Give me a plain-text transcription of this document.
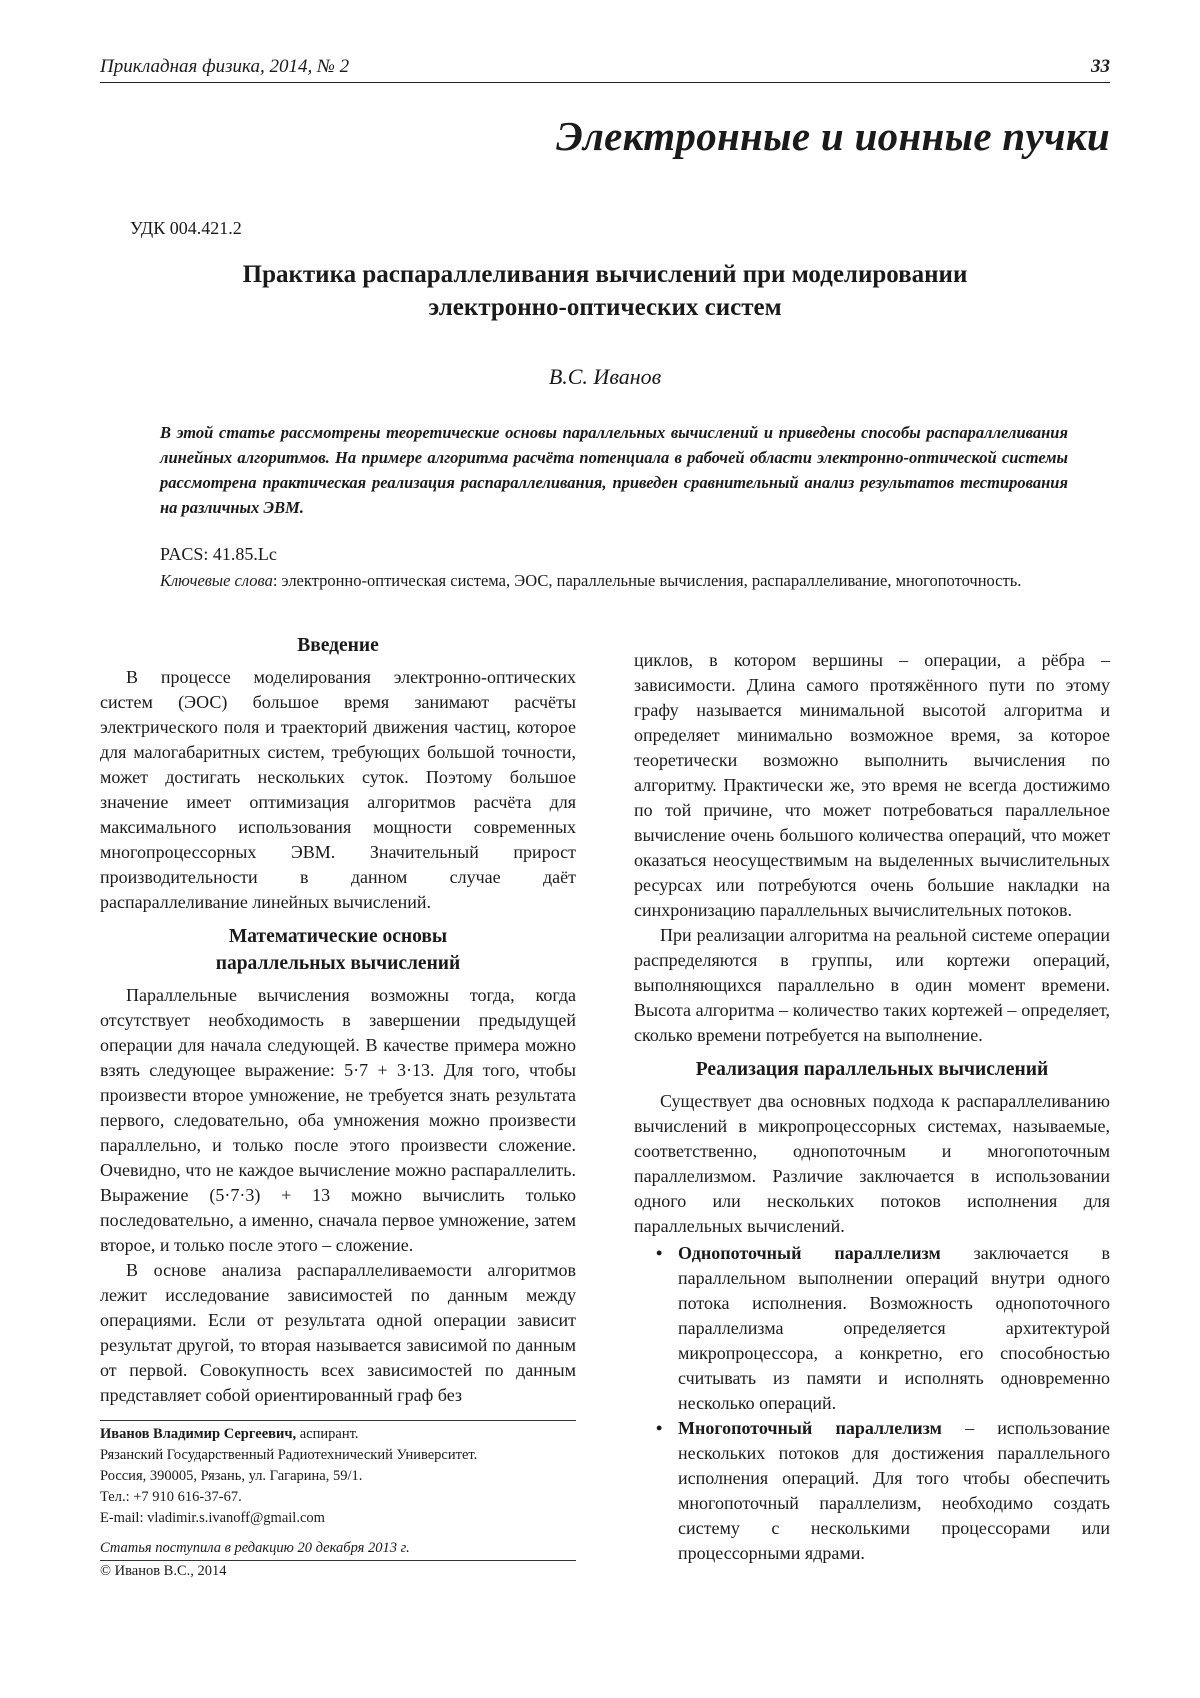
Прикладная физика, 2014, № 2	33
Электронные и ионные пучки
УДК 004.421.2
Практика распараллеливания вычислений при моделировании
электронно-оптических систем
В.С. Иванов
В этой статье рассмотрены теоретические основы параллельных вычислений и приведены способы распараллеливания линейных алгоритмов. На примере алгоритма расчёта потенциала в рабочей области электронно-оптической системы рассмотрена практическая реализация распараллеливания, приведен сравнительный анализ результатов тестирования на различных ЭВМ.
PACS: 41.85.Lc
Ключевые слова: электронно-оптическая система, ЭОС, параллельные вычисления, распараллеливание, многопоточность.
Введение

В процессе моделирования электронно-оптических систем (ЭОС) большое время занимают расчёты электрического поля и траекторий движения частиц, которое для малогабаритных систем, требующих большой точности, может достигать нескольких суток. Поэтому большое значение имеет оптимизация алгоритмов расчёта для максимального использования мощности современных многопроцессорных ЭВМ. Значительный прирост производительности в данном случае даёт распараллеливание линейных вычислений.

Математические основы
параллельных вычислений

Параллельные вычисления возможны тогда, когда отсутствует необходимость в завершении предыдущей операции для начала следующей. В качестве примера можно взять следующее выражение: 5·7 + 3·13. Для того, чтобы произвести второе умножение, не требуется знать результата первого, следовательно, оба умножения можно произвести параллельно, и только после этого произвести сложение. Очевидно, что не каждое вычисление можно распараллелить. Выражение (5·7·3) + 13 можно вычислить только последовательно, а именно, сначала первое умножение, затем второе, и только после этого – сложение.

В основе анализа распараллеливаемости алгоритмов лежит исследование зависимостей по данным между операциями. Если от результата одной операции зависит результат другой, то вторая называется зависимой по данным от первой. Совокупность всех зависимостей по данным представляет собой ориентированный граф без

циклов, в котором вершины – операции, а рёбра – зависимости. Длина самого протяжённого пути по этому графу называется минимальной высотой алгоритма и определяет минимально возможное время, за которое теоретически возможно выполнить вычисления по алгоритму. Практически же, это время не всегда достижимо по той причине, что может потребоваться параллельное вычисление очень большого количества операций, что может оказаться неосуществимым на выделенных вычислительных ресурсах или потребуются очень большие накладки на синхронизацию параллельных вычислительных потоков.

При реализации алгоритма на реальной системе операции распределяются в группы, или кортежи операций, выполняющихся параллельно в один момент времени. Высота алгоритма – количество таких кортежей – определяет, сколько времени потребуется на выполнение.

Реализация параллельных вычислений

Существует два основных подхода к распараллеливанию вычислений в микропроцессорных системах, называемые, соответственно, однопоточным и многопоточным параллелизмом. Различие заключается в использовании одного или нескольких потоков исполнения для параллельных вычислений.

• Однопоточный параллелизм заключается в параллельном выполнении операций внутри одного потока исполнения. Возможность однопоточного параллелизма определяется архитектурой микропроцессора, а конкретно, его способностью считывать из памяти и исполнять одновременно несколько операций.
• Многопоточный параллелизм – использование нескольких потоков для достижения параллельного исполнения операций. Для того чтобы обеспечить многопоточный параллелизм, необходимо создать систему с несколькими процессорами или процессорными ядрами.
Иванов Владимир Сергеевич, аспирант.
Рязанский Государственный Радиотехнический Университет.
Россия, 390005, Рязань, ул. Гагарина, 59/1.
Тел.: +7 910 616-37-67.
E-mail: vladimir.s.ivanoff@gmail.com
Статья поступила в редакцию 20 декабря 2013 г.
© Иванов В.С., 2014
